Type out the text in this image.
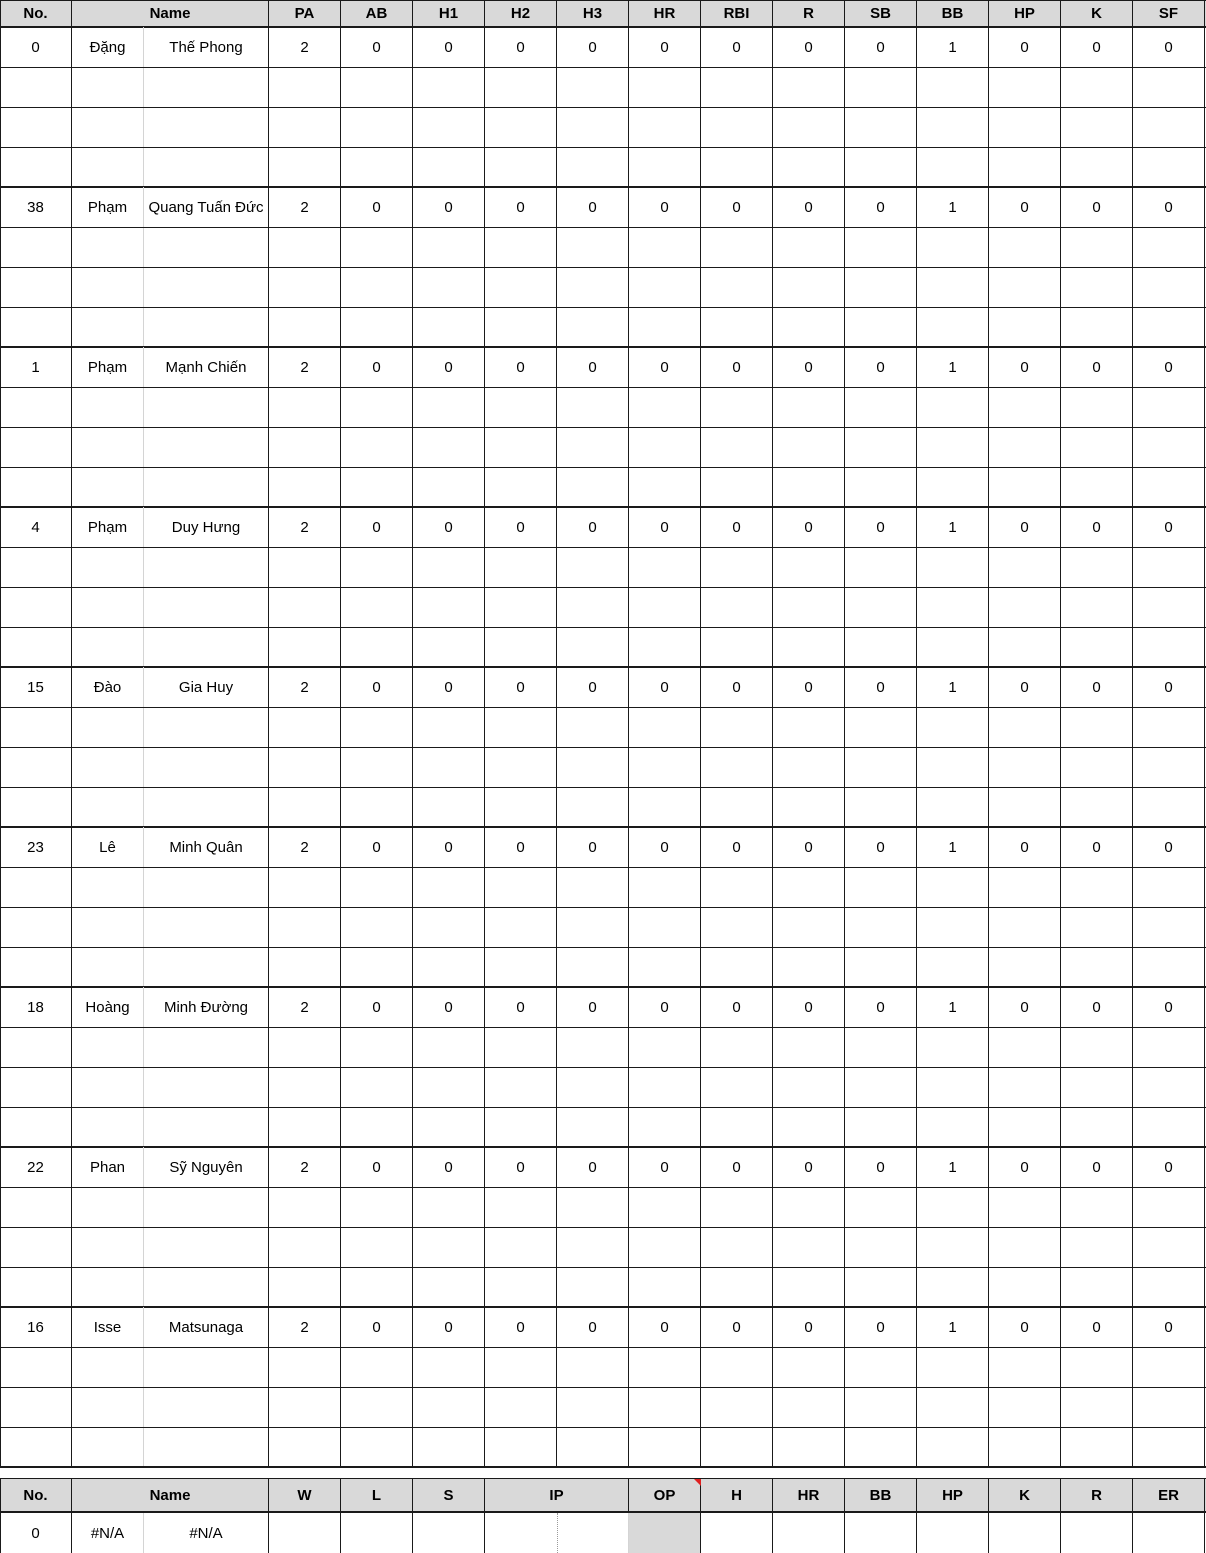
No.	Name	PA	AB	H1	H2	H3	HR	RBI	R	SB	BB	HP	K	SF
0	Đặng	Thế Phong	2	0	0	0	0	0	0	0	0	1	0	0	0
38	Phạm	Quang Tuấn Đức	2	0	0	0	0	0	0	0	0	1	0	0	0
1	Phạm	Mạnh Chiến	2	0	0	0	0	0	0	0	0	1	0	0	0
4	Phạm	Duy Hưng	2	0	0	0	0	0	0	0	0	1	0	0	0
15	Đào	Gia Huy	2	0	0	0	0	0	0	0	0	1	0	0	0
23	Lê	Minh Quân	2	0	0	0	0	0	0	0	0	1	0	0	0
18	Hoàng	Minh Đường	2	0	0	0	0	0	0	0	0	1	0	0	0
22	Phan	Sỹ Nguyên	2	0	0	0	0	0	0	0	0	1	0	0	0
16	Isse	Matsunaga	2	0	0	0	0	0	0	0	0	1	0	0	0
No.	Name	W	L	S	IP	OP	H	HR	BB	HP	K	R	ER
0	#N/A	#N/A
